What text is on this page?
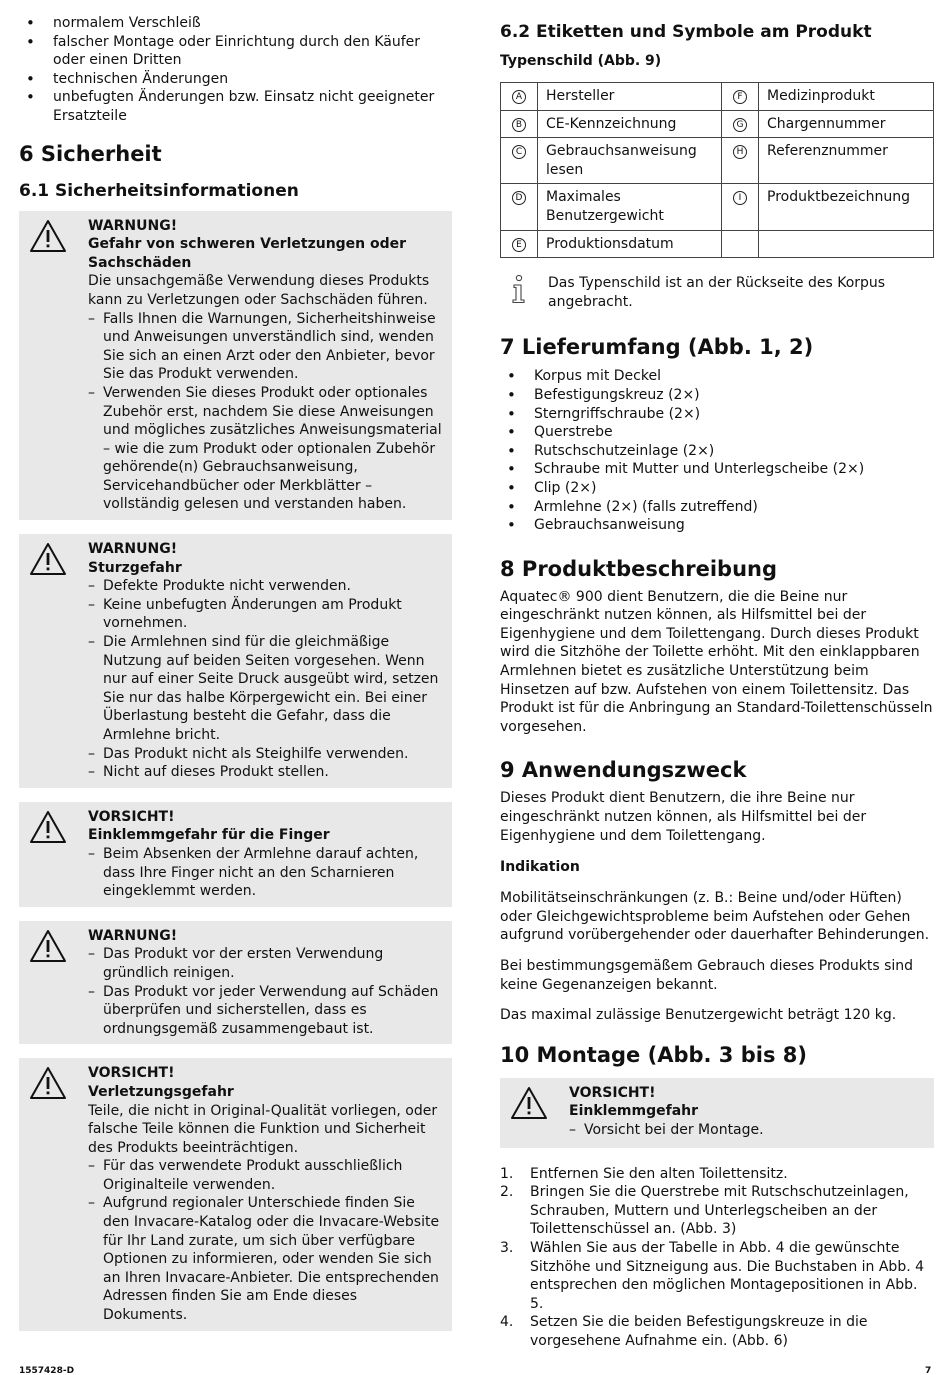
• normalem Verschleiß
• falscher Montage oder Einrichtung durch den Käufer oder einen Dritten
• technischen Änderungen
• unbefugten Änderungen bzw. Einsatz nicht geeigneter Ersatzteile
6 Sicherheit
6.1 Sicherheitsinformationen
WARNUNG!
Gefahr von schweren Verletzungen oder Sachschäden
Die unsachgemäße Verwendung dieses Produkts kann zu Verletzungen oder Sachschäden führen.
– Falls Ihnen die Warnungen, Sicherheitshinweise und Anweisungen unverständlich sind, wenden Sie sich an einen Arzt oder den Anbieter, bevor Sie das Produkt verwenden.
– Verwenden Sie dieses Produkt oder optionales Zubehör erst, nachdem Sie diese Anweisungen und mögliches zusätzliches Anweisungsmaterial – wie die zum Produkt oder optionalen Zubehör gehörende(n) Gebrauchsanweisung, Servicehandbücher oder Merkblätter – vollständig gelesen und verstanden haben.
WARNUNG!
Sturzgefahr
– Defekte Produkte nicht verwenden.
– Keine unbefugten Änderungen am Produkt vornehmen.
– Die Armlehnen sind für die gleichmäßige Nutzung auf beiden Seiten vorgesehen. Wenn nur auf einer Seite Druck ausgeübt wird, setzen Sie nur das halbe Körpergewicht ein. Bei einer Überlastung besteht die Gefahr, dass die Armlehne bricht.
– Das Produkt nicht als Steighilfe verwenden.
– Nicht auf dieses Produkt stellen.
VORSICHT!
Einklemmgefahr für die Finger
– Beim Absenken der Armlehne darauf achten, dass Ihre Finger nicht an den Scharnieren eingeklemmt werden.
WARNUNG!
– Das Produkt vor der ersten Verwendung gründlich reinigen.
– Das Produkt vor jeder Verwendung auf Schäden überprüfen und sicherstellen, dass es ordnungsgemäß zusammengebaut ist.
VORSICHT!
Verletzungsgefahr
Teile, die nicht in Original-Qualität vorliegen, oder falsche Teile können die Funktion und Sicherheit des Produkts beeinträchtigen.
– Für das verwendete Produkt ausschließlich Originalteile verwenden.
– Aufgrund regionaler Unterschiede finden Sie den Invacare-Katalog oder die Invacare-Website für Ihr Land zurate, um sich über verfügbare Optionen zu informieren, oder wenden Sie sich an Ihren Invacare-Anbieter. Die entsprechenden Adressen finden Sie am Ende dieses Dokuments.
6.2 Etiketten und Symbole am Produkt
Typenschild (Abb. 9)
A	Hersteller	F	Medizinprodukt
B	CE-Kennzeichnung	G	Chargennummer
C	Gebrauchsanweisung lesen	H	Referenznummer
D	Maximales Benutzergewicht	I	Produktbezeichnung
E	Produktionsdatum		
Das Typenschild ist an der Rückseite des Korpus angebracht.
7 Lieferumfang (Abb. 1, 2)
• Korpus mit Deckel
• Befestigungskreuz (2×)
• Sterngriffschraube (2×)
• Querstrebe
• Rutschschutzeinlage (2×)
• Schraube mit Mutter und Unterlegscheibe (2×)
• Clip (2×)
• Armlehne (2×) (falls zutreffend)
• Gebrauchsanweisung
8 Produktbeschreibung

Aquatec® 900 dient Benutzern, die die Beine nur eingeschränkt nutzen können, als Hilfsmittel bei der Eigenhygiene und dem Toilettengang. Durch dieses Produkt wird die Sitzhöhe der Toilette erhöht. Mit den einklappbaren Armlehnen bietet es zusätzliche Unterstützung beim Hinsetzen auf bzw. Aufstehen von einem Toilettensitz. Das Produkt ist für die Anbringung an Standard-Toilettenschüsseln vorgesehen.

9 Anwendungszweck

Dieses Produkt dient Benutzern, die ihre Beine nur eingeschränkt nutzen können, als Hilfsmittel bei der Eigenhygiene und dem Toilettengang.

Indikation

Mobilitätseinschränkungen (z. B.: Beine und/oder Hüften) oder Gleichgewichtsprobleme beim Aufstehen oder Gehen aufgrund vorübergehender oder dauerhafter Behinderungen.

Bei bestimmungsgemäßem Gebrauch dieses Produkts sind keine Gegenanzeigen bekannt.

Das maximal zulässige Benutzergewicht beträgt 120 kg.

10 Montage (Abb. 3 bis 8)
VORSICHT!
Einklemmgefahr
– Vorsicht bei der Montage.
1. Entfernen Sie den alten Toilettensitz.
2. Bringen Sie die Querstrebe mit Rutschschutzeinlagen, Schrauben, Muttern und Unterlegscheiben an der Toilettenschüssel an. (Abb. 3)
3. Wählen Sie aus der Tabelle in Abb. 4 die gewünschte Sitzhöhe und Sitzneigung aus. Die Buchstaben in Abb. 4 entsprechen den möglichen Montagepositionen in Abb. 5.
4. Setzen Sie die beiden Befestigungskreuze in die vorgesehene Aufnahme ein. (Abb. 6)
1557428-D	7
